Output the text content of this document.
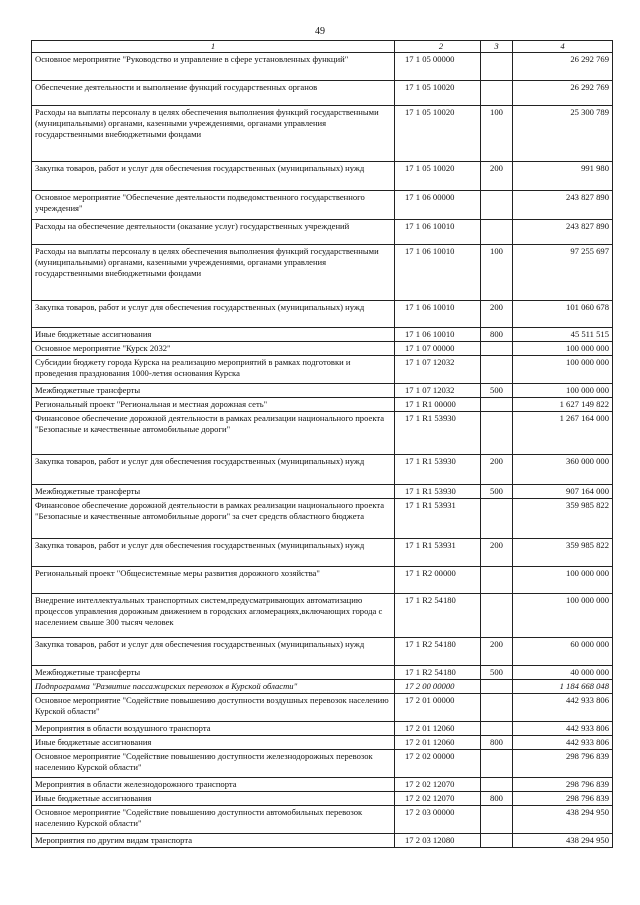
49
1	2	3	4
Основное мероприятие "Руководство и управление в сфере установленных функций"	17 1 05 00000		26 292 769
Обеспечение деятельности и выполнение функций государственных органов	17 1 05 10020		26 292 769
Расходы на выплаты персоналу в целях обеспечения выполнения функций государственными (муниципальными) органами, казенными учреждениями, органами управления государственными внебюджетными фондами	17 1 05 10020	100	25 300 789
Закупка товаров, работ и услуг для обеспечения государственных (муниципальных) нужд	17 1 05 10020	200	991 980
Основное мероприятие "Обеспечение деятельности подведомственного государственного учреждения"	17 1 06 00000		243 827 890
Расходы на обеспечение деятельности (оказание услуг) государственных учреждений	17 1 06 10010		243 827 890
Расходы на выплаты персоналу в целях обеспечения выполнения функций государственными (муниципальными) органами, казенными учреждениями, органами управления государственными внебюджетными фондами	17 1 06 10010	100	97 255 697
Закупка товаров, работ и услуг для обеспечения государственных (муниципальных) нужд	17 1 06 10010	200	101 060 678
Иные бюджетные ассигнования	17 1 06 10010	800	45 511 515
Основное мероприятие "Курск 2032"	17 1 07 00000		100 000 000
Субсидии бюджету города Курска на реализацию мероприятий в рамках подготовки и проведения празднования 1000-летия основания Курска	17 1 07 12032		100 000 000
Межбюджетные трансферты	17 1 07 12032	500	100 000 000
Региональный проект "Региональная и местная дорожная сеть"	17 1 R1 00000		1 627 149 822
Финансовое обеспечение дорожной деятельности в рамках реализации национального проекта "Безопасные и качественные автомобильные дороги"	17 1 R1 53930		1 267 164 000
Закупка товаров, работ и услуг для обеспечения государственных (муниципальных) нужд	17 1 R1 53930	200	360 000 000
Межбюджетные трансферты	17 1 R1 53930	500	907 164 000
Финансовое обеспечение дорожной деятельности в рамках реализации национального проекта "Безопасные и качественные автомобильные дороги" за счет средств областного бюджета	17 1 R1 53931		359 985 822
Закупка товаров, работ и услуг для обеспечения государственных (муниципальных) нужд	17 1 R1 53931	200	359 985 822
Региональный проект "Общесистемные меры развития дорожного хозяйства"	17 1 R2 00000		100 000 000
Внедрение интеллектуальных транспортных систем,предусматривающих автоматизацию процессов управления дорожным движением в городских агломерациях,включающих города с населением свыше 300 тысяч человек	17 1 R2 54180		100 000 000
Закупка товаров, работ и услуг для обеспечения государственных (муниципальных) нужд	17 1 R2 54180	200	60 000 000
Межбюджетные трансферты	17 1 R2 54180	500	40 000 000
Подпрограмма "Развитие пассажирских перевозок в Курской области"	17 2 00 00000		1 184 668 048
Основное мероприятие "Содействие повышению доступности воздушных перевозок населению Курской области"	17 2 01 00000		442 933 806
Мероприятия в области воздушного транспорта	17 2 01 12060		442 933 806
Иные бюджетные ассигнования	17 2 01 12060	800	442 933 806
Основное мероприятие "Содействие повышению доступности железнодорожных перевозок населению Курской области"	17 2 02 00000		298 796 839
Мероприятия в области железнодорожного транспорта	17 2 02 12070		298 796 839
Иные бюджетные ассигнования	17 2 02 12070	800	298 796 839
Основное мероприятие "Содействие повышению доступности автомобильных перевозок населению Курской области"	17 2 03 00000		438 294 950
Мероприятия по другим видам транспорта	17 2 03 12080		438 294 950
